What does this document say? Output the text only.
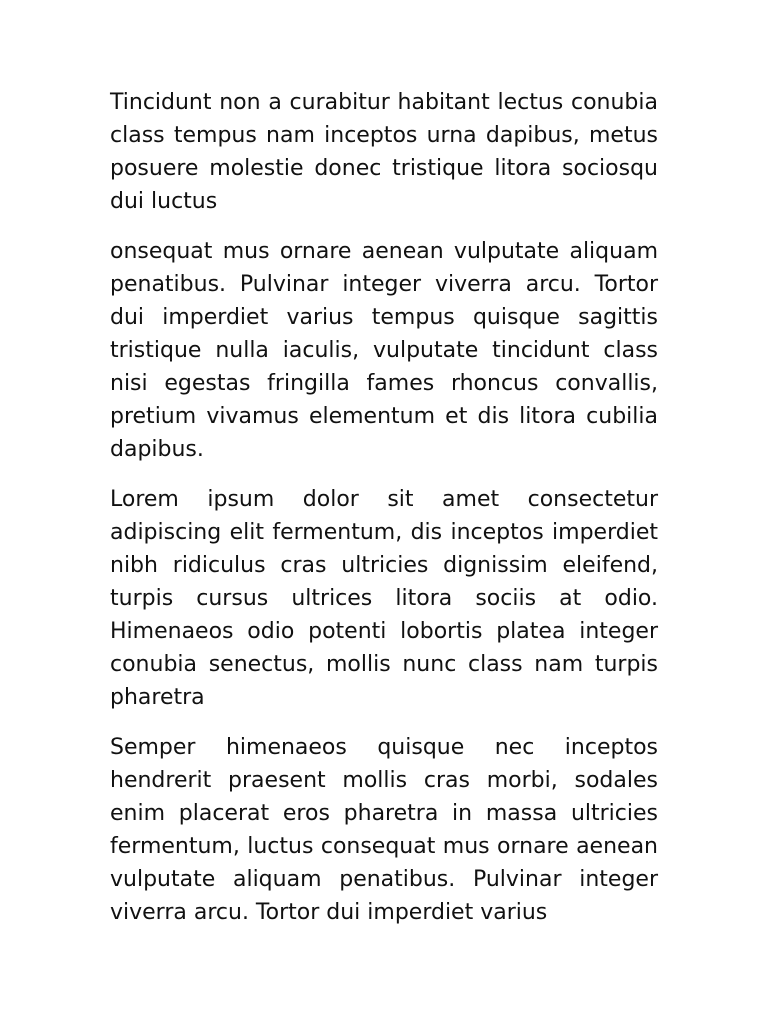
Tincidunt non a curabitur habitant lectus conubia class tempus nam inceptos urna dapibus, metus posuere molestie donec tristique litora sociosqu dui luctus

onsequat mus ornare aenean vulputate aliquam penatibus. Pulvinar integer viverra arcu. Tortor dui imperdiet varius tempus quisque sagittis tristique nulla iaculis, vulputate tincidunt class nisi egestas fringilla fames rhoncus convallis, pretium vivamus elementum et dis litora cubilia dapibus.

Lorem ipsum dolor sit amet consectetur adipiscing elit fermentum, dis inceptos imperdiet nibh ridiculus cras ultricies dignissim eleifend, turpis cursus ultrices litora sociis at odio. Himenaeos odio potenti lobortis platea integer conubia senectus, mollis nunc class nam turpis pharetra

Semper himenaeos quisque nec inceptos hendrerit praesent mollis cras morbi, sodales enim placerat eros pharetra in massa ultricies fermentum, luctus consequat mus ornare aenean vulputate aliquam penatibus. Pulvinar integer viverra arcu. Tortor dui imperdiet varius
